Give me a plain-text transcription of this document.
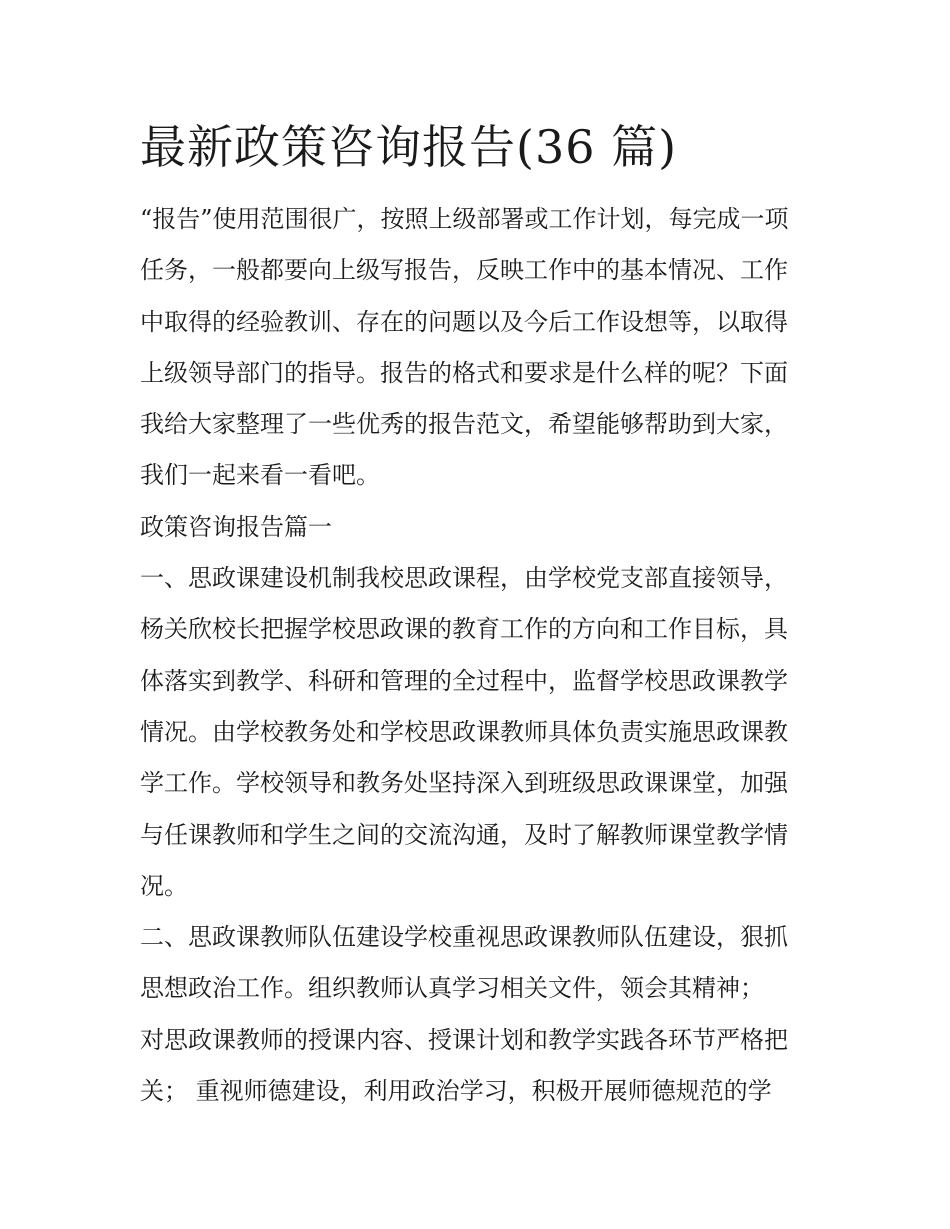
最新政策咨询报告(36 篇)

“报告”使用范围很广，按照上级部署或工作计划，每完成一项

任务，一般都要向上级写报告，反映工作中的基本情况、工作

中取得的经验教训、存在的问题以及今后工作设想等，以取得

上级领导部门的指导。报告的格式和要求是什么样的呢？下面

我给大家整理了一些优秀的报告范文，希望能够帮助到大家，

我们一起来看一看吧。

政策咨询报告篇一

一、思政课建设机制我校思政课程，由学校党支部直接领导，

杨关欣校长把握学校思政课的教育工作的方向和工作目标，具

体落实到教学、科研和管理的全过程中，监督学校思政课教学

情况。由学校教务处和学校思政课教师具体负责实施思政课教

学工作。学校领导和教务处坚持深入到班级思政课课堂，加强

与任课教师和学生之间的交流沟通，及时了解教师课堂教学情

况。

二、思政课教师队伍建设学校重视思政课教师队伍建设，狠抓

思想政治工作。组织教师认真学习相关文件，领会其精神；

对思政课教师的授课内容、授课计划和教学实践各环节严格把

关； 重视师德建设，利用政治学习，积极开展师德规范的学
